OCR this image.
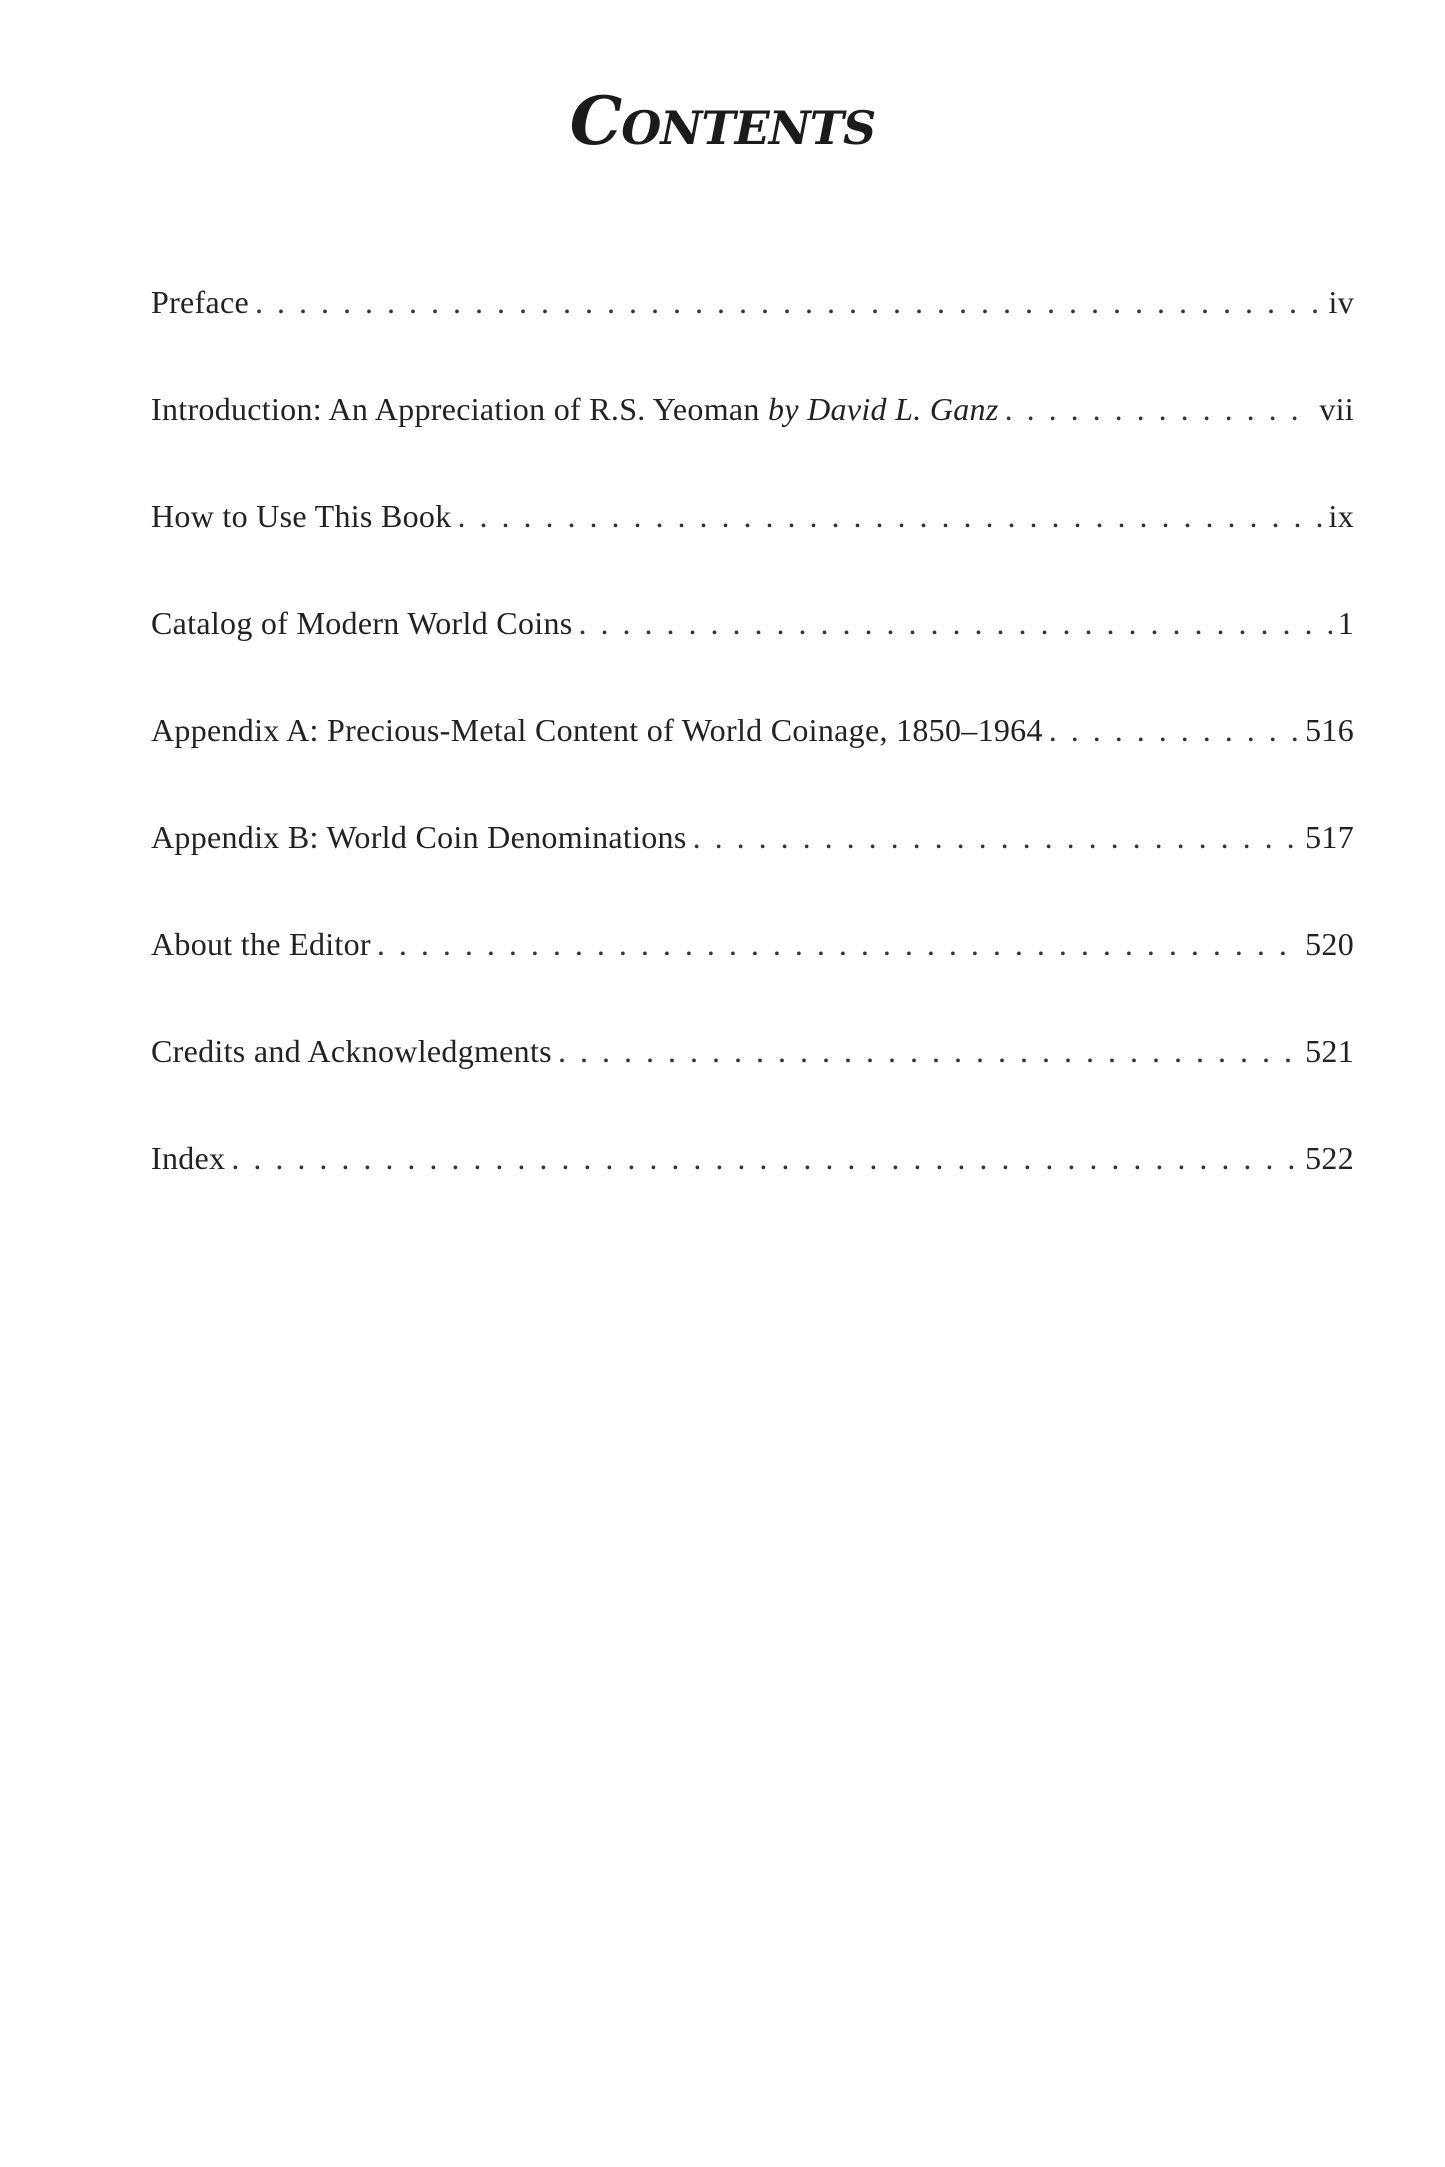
Contents
Preface . . .	iv
Introduction: An Appreciation of R.S. Yeoman by David L. Ganz . . .	vii
How to Use This Book . . .	ix
Catalog of Modern World Coins . . .	1
Appendix A: Precious-Metal Content of World Coinage, 1850–1964 . . .	516
Appendix B: World Coin Denominations . . .	517
About the Editor . . .	520
Credits and Acknowledgments . . .	521
Index . . .	522
